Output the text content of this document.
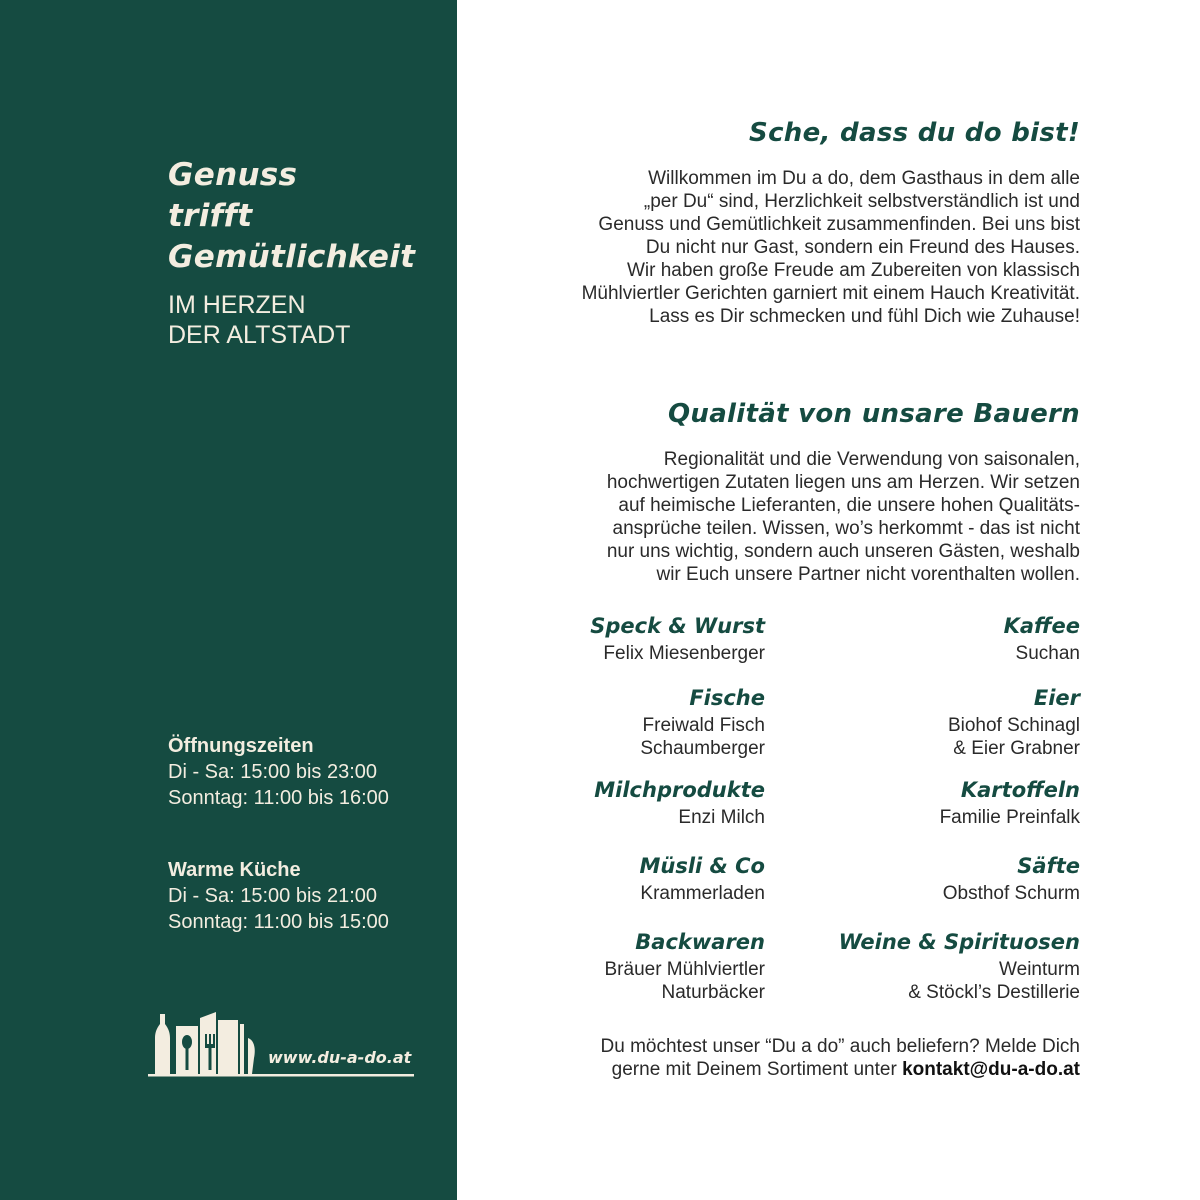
Genuss
trifft
Gemütlichkeit
IM HERZEN
DER ALTSTADT
Öffnungszeiten
Di - Sa: 15:00 bis 23:00
Sonntag: 11:00 bis 16:00
Warme Küche
Di - Sa: 15:00 bis 21:00
Sonntag: 11:00 bis 15:00
www.du-a-do.at
Sche, dass du do bist!
Willkommen im Du a do, dem Gasthaus in dem alle
„per Du“ sind, Herzlichkeit selbstverständlich ist und
Genuss und Gemütlichkeit zusammenfinden. Bei uns bist
Du nicht nur Gast, sondern ein Freund des Hauses.
Wir haben große Freude am Zubereiten von klassisch
Mühlviertler Gerichten garniert mit einem Hauch Kreativität.
Lass es Dir schmecken und fühl Dich wie Zuhause!
Qualität von unsare Bauern
Regionalität und die Verwendung von saisonalen,
hochwertigen Zutaten liegen uns am Herzen. Wir setzen
auf heimische Lieferanten, die unsere hohen Qualitäts-
ansprüche teilen. Wissen, wo’s herkommt - das ist nicht
nur uns wichtig, sondern auch unseren Gästen, weshalb
wir Euch unsere Partner nicht vorenthalten wollen.
Speck & Wurst
Felix Miesenberger
Fische
Freiwald Fisch
Schaumberger
Milchprodukte
Enzi Milch
Müsli & Co
Krammerladen
Backwaren
Bräuer Mühlviertler
Naturbäcker
Kaffee
Suchan
Eier
Biohof Schinagl
& Eier Grabner
Kartoffeln
Familie Preinfalk
Säfte
Obsthof Schurm
Weine & Spirituosen
Weinturm
& Stöckl’s Destillerie
Du möchtest unser “Du a do” auch beliefern? Melde Dich
gerne mit Deinem Sortiment unter kontakt@du-a-do.at
